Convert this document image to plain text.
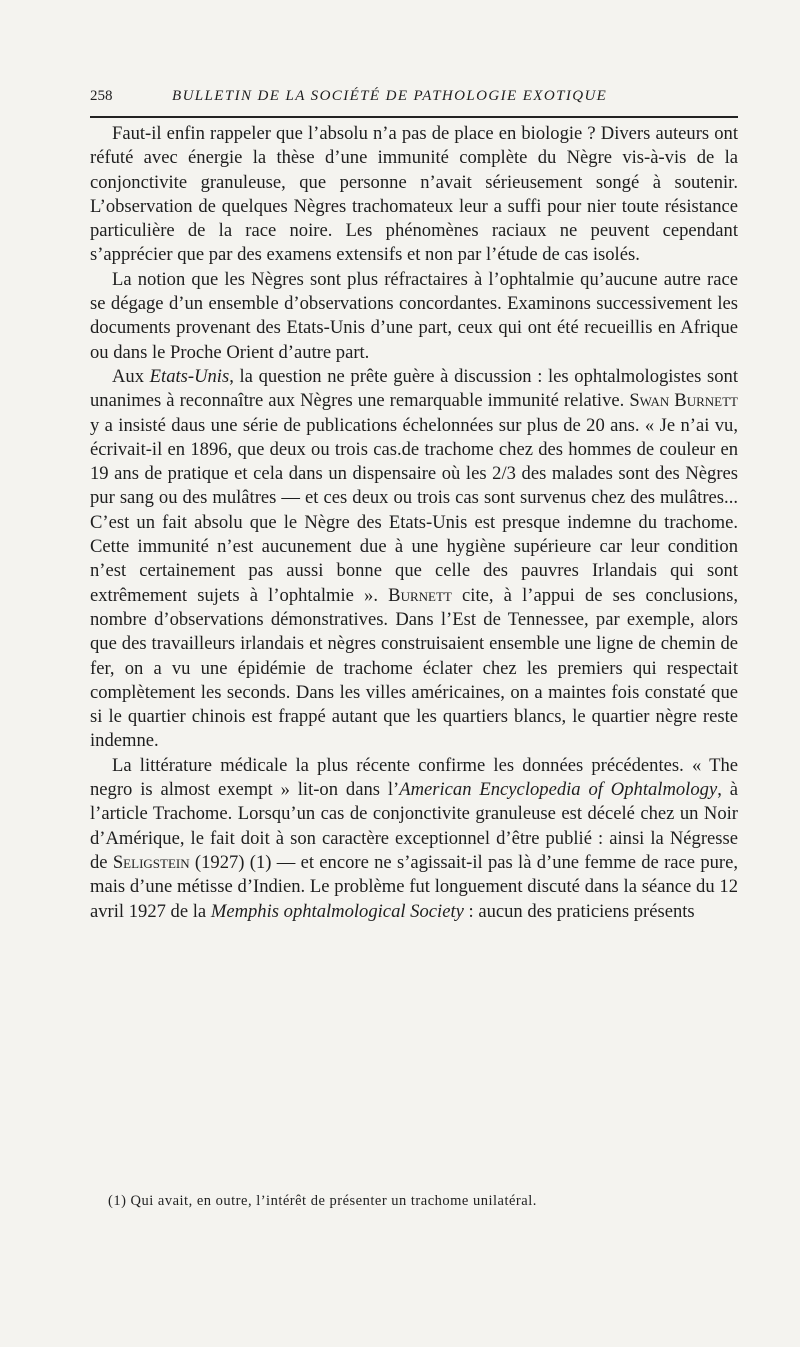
258	BULLETIN DE LA SOCIÉTÉ DE PATHOLOGIE EXOTIQUE

Faut-il enfin rappeler que l’absolu n’a pas de place en biologie ? Divers auteurs ont réfuté avec énergie la thèse d’une immunité complète du Nègre vis-à-vis de la conjonctivite granuleuse, que personne n’avait sérieusement songé à soutenir. L’observation de quelques Nègres trachomateux leur a suffi pour nier toute résistance particulière de la race noire. Les phénomènes raciaux ne peuvent cependant s’apprécier que par des examens extensifs et non par l’étude de cas isolés.

La notion que les Nègres sont plus réfractaires à l’ophtalmie qu’aucune autre race se dégage d’un ensemble d’observations concordantes. Examinons successivement les documents provenant des Etats-Unis d’une part, ceux qui ont été recueillis en Afrique ou dans le Proche Orient d’autre part.

Aux Etats-Unis, la question ne prête guère à discussion : les ophtalmologistes sont unanimes à reconnaître aux Nègres une remarquable immunité relative. Swan Burnett y a insisté daus une série de publications échelonnées sur plus de 20 ans. « Je n’ai vu, écrivait-il en 1896, que deux ou trois cas.de trachome chez des hommes de couleur en 19 ans de pratique et cela dans un dispensaire où les 2/3 des malades sont des Nègres pur sang ou des mulâtres — et ces deux ou trois cas sont survenus chez des mulâtres... C’est un fait absolu que le Nègre des Etats-Unis est presque indemne du trachome. Cette immunité n’est aucunement due à une hygiène supérieure car leur condition n’est certainement pas aussi bonne que celle des pauvres Irlandais qui sont extrêmement sujets à l’ophtalmie ». Burnett cite, à l’appui de ses conclusions, nombre d’observations démonstratives. Dans l’Est de Tennessee, par exemple, alors que des travailleurs irlandais et nègres construisaient ensemble une ligne de chemin de fer, on a vu une épidémie de trachome éclater chez les premiers qui respectait complètement les seconds. Dans les villes américaines, on a maintes fois constaté que si le quartier chinois est frappé autant que les quartiers blancs, le quartier nègre reste indemne.

La littérature médicale la plus récente confirme les données précédentes. « The negro is almost exempt » lit-on dans l’American Encyclopedia of Ophtalmology, à l’article Trachome. Lorsqu’un cas de conjonctivite granuleuse est décelé chez un Noir d’Amérique, le fait doit à son caractère exceptionnel d’être publié : ainsi la Négresse de Seligstein (1927) (1) — et encore ne s’agissait-il pas là d’une femme de race pure, mais d’une métisse d’Indien. Le problème fut longuement discuté dans la séance du 12 avril 1927 de la Memphis ophtalmological Society : aucun des praticiens présents

(1) Qui avait, en outre, l’intérêt de présenter un trachome unilatéral.
